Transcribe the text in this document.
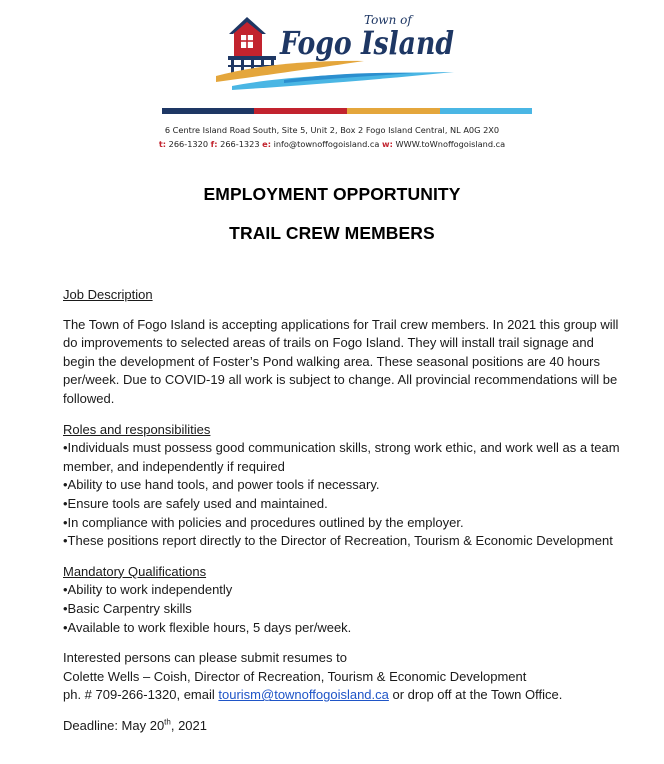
Town of
Fogo Island
6 Centre Island Road South, Site 5, Unit 2, Box 2 Fogo Island Central, NL A0G 2X0
t: 266-1320 f: 266-1323 e: info@townoffogoisland.ca w: WWW.toWnoffogoisland.ca
EMPLOYMENT OPPORTUNITY
TRAIL CREW MEMBERS
Job Description

The Town of Fogo Island is accepting applications for Trail crew members. In 2021 this group will do improvements to selected areas of trails on Fogo Island. They will install trail signage and begin the development of Foster’s Pond walking area. These seasonal positions are 40 hours per/week. Due to COVID-19 all work is subject to change. All provincial recommendations will be followed.

Roles and responsibilities
•Individuals must possess good communication skills, strong work ethic, and work well as a team member, and independently if required
•Ability to use hand tools, and power tools if necessary.
•Ensure tools are safely used and maintained.
•In compliance with policies and procedures outlined by the employer.
•These positions report directly to the Director of Recreation, Tourism & Economic Development
Mandatory Qualifications
•Ability to work independently
•Basic Carpentry skills
•Available to work flexible hours, 5 days per/week.
Interested persons can please submit resumes to
Colette Wells – Coish, Director of Recreation, Tourism & Economic Development
ph. # 709-266-1320, email tourism@townoffogoisland.ca or drop off at the Town Office.
Deadline: May 20th, 2021
